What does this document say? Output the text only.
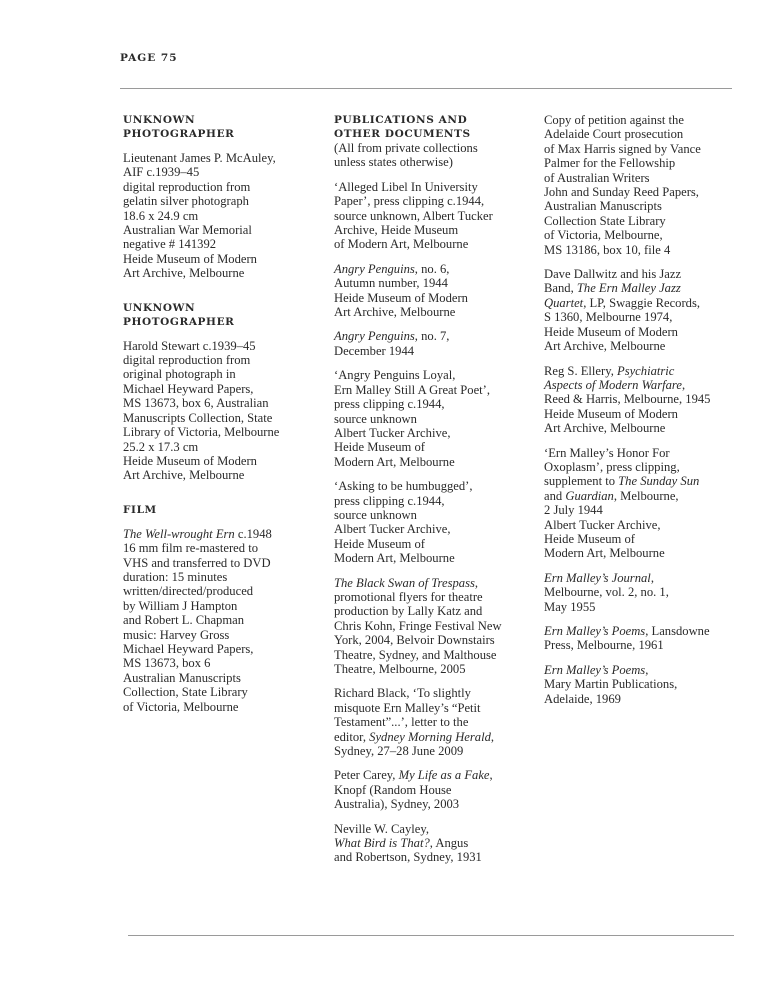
PAGE 75
UNKNOWN
PHOTOGRAPHER
Lieutenant James P. McAuley,
AIF c.1939–45
digital reproduction from
gelatin silver photograph
18.6 x 24.9 cm
Australian War Memorial
negative # 141392
Heide Museum of Modern
Art Archive, Melbourne
UNKNOWN
PHOTOGRAPHER
Harold Stewart c.1939–45
digital reproduction from
original photograph in
Michael Heyward Papers,
MS 13673, box 6, Australian
Manuscripts Collection, State
Library of Victoria, Melbourne
25.2 x 17.3 cm
Heide Museum of Modern
Art Archive, Melbourne
FILM
The Well-wrought Ern c.1948
16 mm film re-mastered to
VHS and transferred to DVD
duration: 15 minutes
written/directed/produced
by William J Hampton
and Robert L. Chapman
music: Harvey Gross
Michael Heyward Papers,
MS 13673, box 6
Australian Manuscripts
Collection, State Library
of Victoria, Melbourne
PUBLICATIONS AND
OTHER DOCUMENTS
(All from private collections
unless states otherwise)
‘Alleged Libel In University
Paper’, press clipping c.1944,
source unknown, Albert Tucker
Archive, Heide Museum
of Modern Art, Melbourne
Angry Penguins, no. 6,
Autumn number, 1944
Heide Museum of Modern
Art Archive, Melbourne
Angry Penguins, no. 7,
December 1944
‘Angry Penguins Loyal,
Ern Malley Still A Great Poet’,
press clipping c.1944,
source unknown
Albert Tucker Archive,
Heide Museum of
Modern Art, Melbourne
‘Asking to be humbugged’,
press clipping c.1944,
source unknown
Albert Tucker Archive,
Heide Museum of
Modern Art, Melbourne
The Black Swan of Trespass,
promotional flyers for theatre
production by Lally Katz and
Chris Kohn, Fringe Festival New
York, 2004, Belvoir Downstairs
Theatre, Sydney, and Malthouse
Theatre, Melbourne, 2005
Richard Black, ‘To slightly
misquote Ern Malley’s “Petit
Testament”...’, letter to the
editor, Sydney Morning Herald,
Sydney, 27–28 June 2009
Peter Carey, My Life as a Fake,
Knopf (Random House
Australia), Sydney, 2003
Neville W. Cayley,
What Bird is That?, Angus
and Robertson, Sydney, 1931
Copy of petition against the
Adelaide Court prosecution
of Max Harris signed by Vance
Palmer for the Fellowship
of Australian Writers
John and Sunday Reed Papers,
Australian Manuscripts
Collection State Library
of Victoria, Melbourne,
MS 13186, box 10, file 4
Dave Dallwitz and his Jazz
Band, The Ern Malley Jazz
Quartet, LP, Swaggie Records,
S 1360, Melbourne 1974,
Heide Museum of Modern
Art Archive, Melbourne
Reg S. Ellery, Psychiatric
Aspects of Modern Warfare,
Reed & Harris, Melbourne, 1945
Heide Museum of Modern
Art Archive, Melbourne
‘Ern Malley’s Honor For
Oxoplasm’, press clipping,
supplement to The Sunday Sun
and Guardian, Melbourne,
2 July 1944
Albert Tucker Archive,
Heide Museum of
Modern Art, Melbourne
Ern Malley’s Journal,
Melbourne, vol. 2, no. 1,
May 1955
Ern Malley’s Poems, Lansdowne
Press, Melbourne, 1961
Ern Malley’s Poems,
Mary Martin Publications,
Adelaide, 1969
